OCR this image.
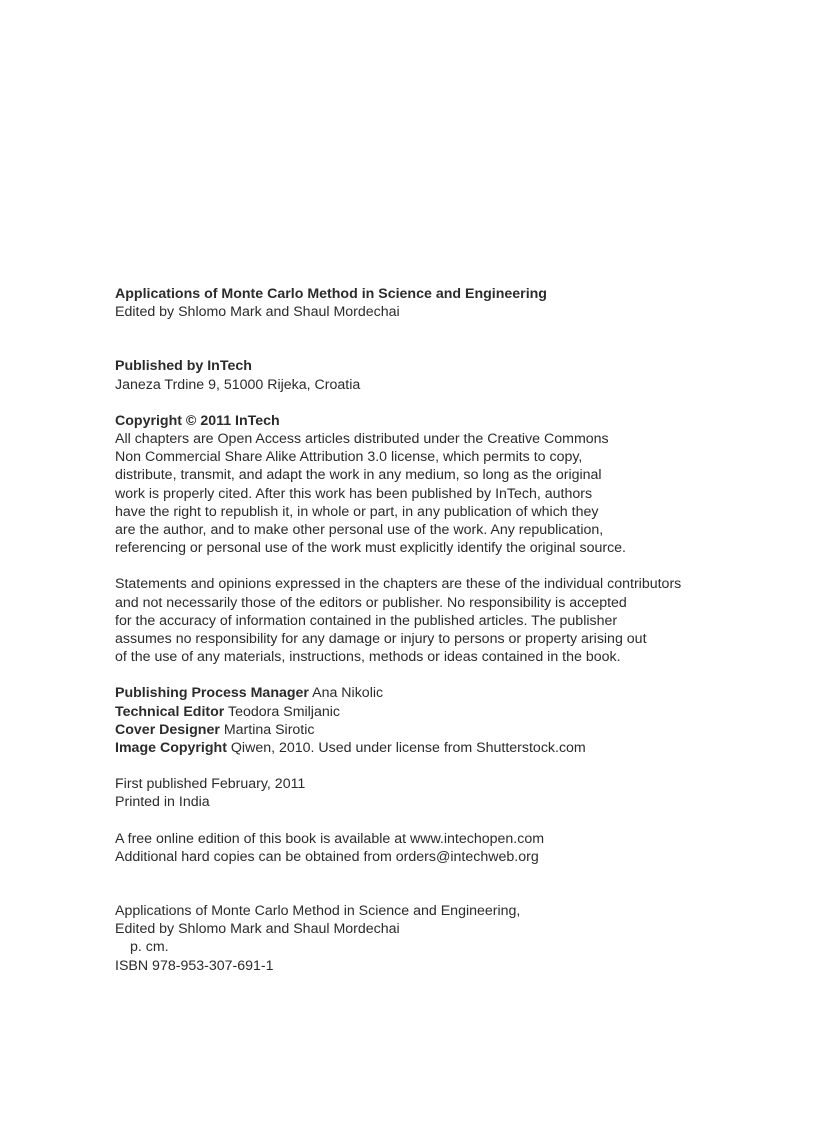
Applications of Monte Carlo Method in Science and Engineering
Edited by Shlomo Mark and Shaul Mordechai
Published by InTech
Janeza Trdine 9, 51000 Rijeka, Croatia
Copyright © 2011 InTech
All chapters are Open Access articles distributed under the Creative Commons
Non Commercial Share Alike Attribution 3.0 license, which permits to copy,
distribute, transmit, and adapt the work in any medium, so long as the original
work is properly cited. After this work has been published by InTech, authors
have the right to republish it, in whole or part, in any publication of which they
are the author, and to make other personal use of the work. Any republication,
referencing or personal use of the work must explicitly identify the original source.
Statements and opinions expressed in the chapters are these of the individual contributors
and not necessarily those of the editors or publisher. No responsibility is accepted
for the accuracy of information contained in the published articles. The publisher
assumes no responsibility for any damage or injury to persons or property arising out
of the use of any materials, instructions, methods or ideas contained in the book.
Publishing Process Manager Ana Nikolic
Technical Editor Teodora Smiljanic
Cover Designer Martina Sirotic
Image Copyright Qiwen, 2010. Used under license from Shutterstock.com
First published February, 2011
Printed in India
A free online edition of this book is available at www.intechopen.com
Additional hard copies can be obtained from orders@intechweb.org
Applications of Monte Carlo Method in Science and Engineering,
Edited by Shlomo Mark and Shaul Mordechai
p. cm.
ISBN 978-953-307-691-1
